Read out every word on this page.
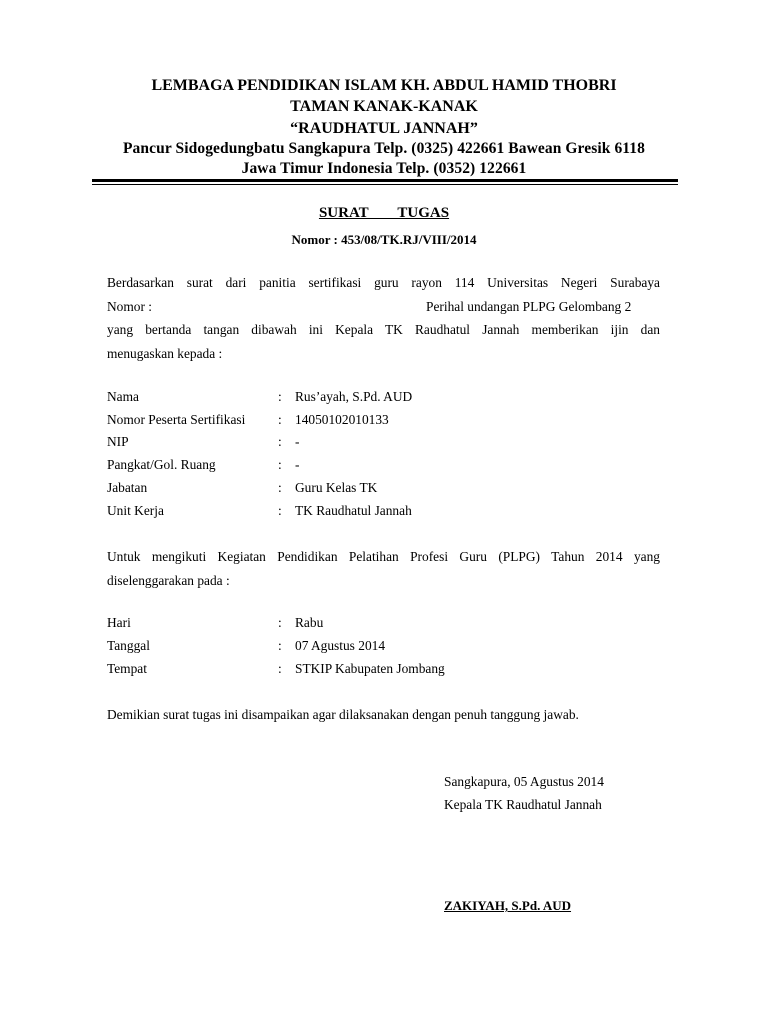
LEMBAGA PENDIDIKAN ISLAM KH. ABDUL HAMID THOBRI
TAMAN KANAK-KANAK
“RAUDHATUL JANNAH”
Pancur Sidogedungbatu Sangkapura Telp. (0325) 422661 Bawean Gresik 6118
Jawa Timur Indonesia Telp. (0352) 122661
SURAT   TUGAS
Nomor : 453/08/TK.RJ/VIII/2014
Berdasarkan surat dari panitia sertifikasi guru rayon 114 Universitas Negeri Surabaya
Nomor :	Perihal undangan PLPG Gelombang 2
yang bertanda tangan dibawah ini Kepala TK Raudhatul Jannah memberikan ijin dan
menugaskan kepada :
Nama	: Rus’ayah, S.Pd. AUD
Nomor Peserta Sertifikasi : 14050102010133
NIP	: -
Pangkat/Gol. Ruang	: -
Jabatan	: Guru Kelas TK
Unit Kerja	: TK Raudhatul Jannah
Untuk mengikuti Kegiatan Pendidikan Pelatihan Profesi Guru (PLPG) Tahun 2014 yang
diselenggarakan pada :
Hari	: Rabu
Tanggal	: 07 Agustus 2014
Tempat	: STKIP Kabupaten Jombang
Demikian surat tugas ini disampaikan agar dilaksanakan dengan penuh tanggung jawab.
Sangkapura, 05 Agustus 2014
Kepala TK Raudhatul Jannah
ZAKIYAH, S.Pd. AUD
